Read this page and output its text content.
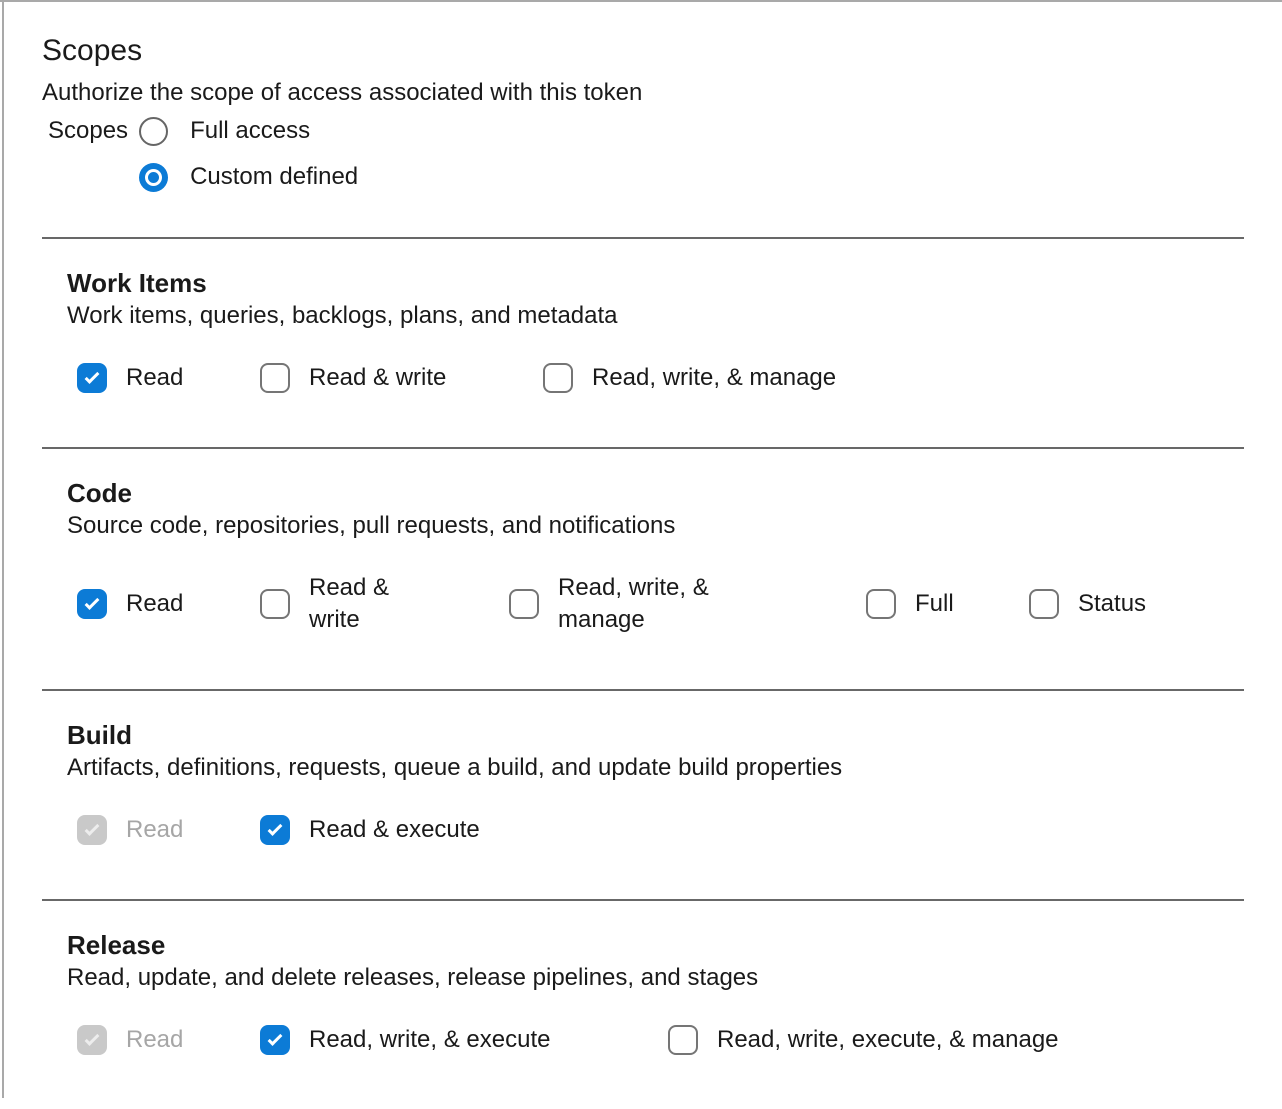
Scopes

Authorize the scope of access associated with this token

Scopes	Full access
Custom defined
Work Items

Work items, queries, backlogs, plans, and metadata

Read	Read & write	Read, write, & manage
Code

Source code, repositories, pull requests, and notifications

Read
Read & write
Read, write, & manage
Full	Status
Build

Artifacts, definitions, requests, queue a build, and update build properties

Read	Read & execute
Release

Read, update, and delete releases, release pipelines, and stages

Read	Read, write, & execute	Read, write, execute, & manage
